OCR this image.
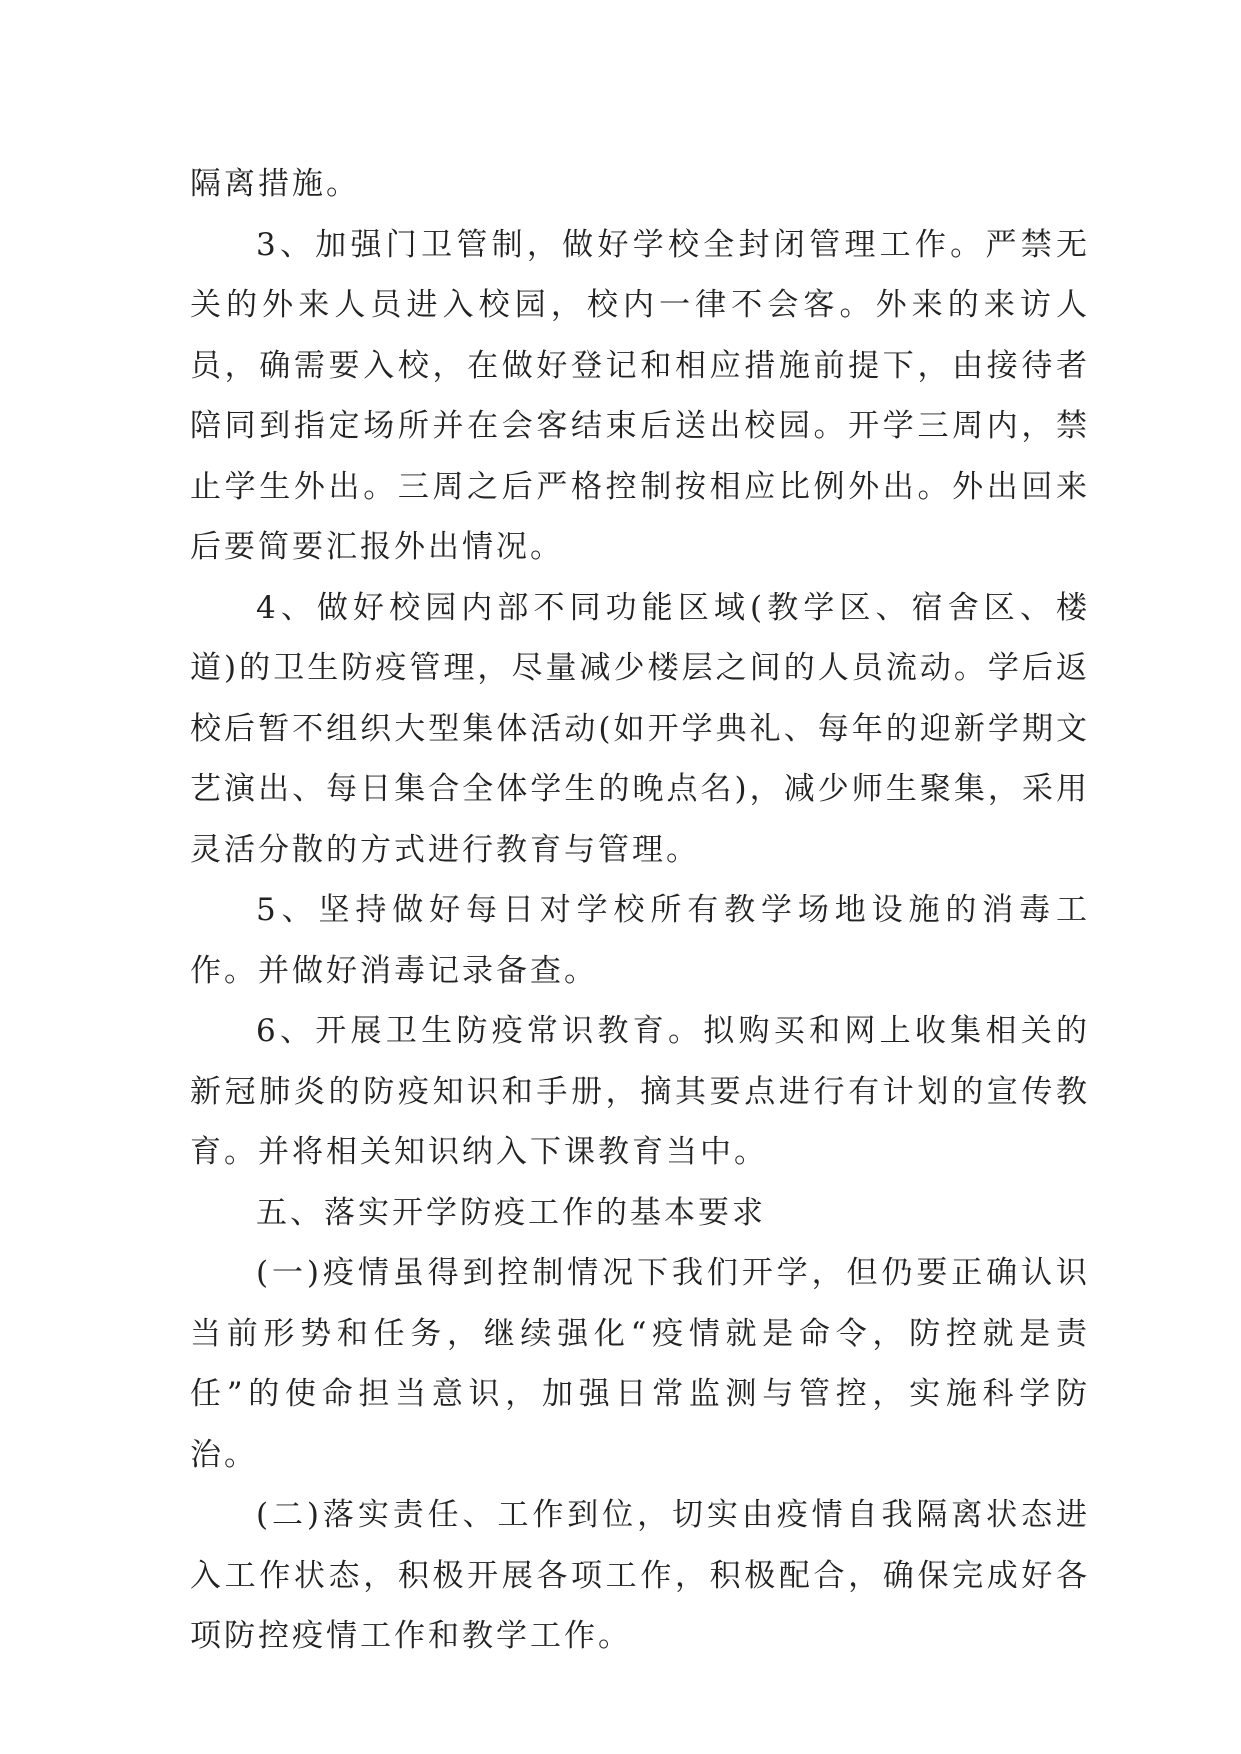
隔离措施。

3、加强门卫管制，做好学校全封闭管理工作。严禁无关的外来人员进入校园，校内一律不会客。外来的来访人员，确需要入校，在做好登记和相应措施前提下，由接待者陪同到指定场所并在会客结束后送出校园。开学三周内，禁止学生外出。三周之后严格控制按相应比例外出。外出回来后要简要汇报外出情况。

4、做好校园内部不同功能区域(教学区、宿舍区、楼道)的卫生防疫管理，尽量减少楼层之间的人员流动。学后返校后暂不组织大型集体活动(如开学典礼、每年的迎新学期文艺演出、每日集合全体学生的晚点名)，减少师生聚集，采用灵活分散的方式进行教育与管理。

5、坚持做好每日对学校所有教学场地设施的消毒工作。并做好消毒记录备查。

6、开展卫生防疫常识教育。拟购买和网上收集相关的新冠肺炎的防疫知识和手册，摘其要点进行有计划的宣传教育。并将相关知识纳入下课教育当中。

五、落实开学防疫工作的基本要求

(一)疫情虽得到控制情况下我们开学，但仍要正确认识当前形势和任务，继续强化“疫情就是命令，防控就是责任”的使命担当意识，加强日常监测与管控，实施科学防治。

(二)落实责任、工作到位，切实由疫情自我隔离状态进入工作状态，积极开展各项工作，积极配合，确保完成好各项防控疫情工作和教学工作。
